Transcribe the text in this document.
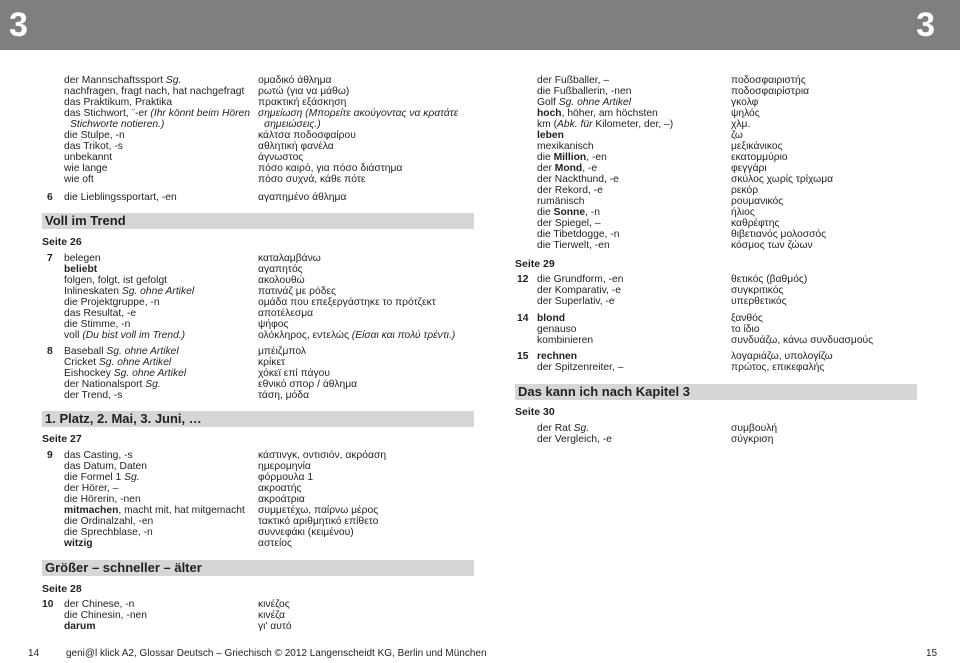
3	3
der Mannschaftssport Sg.	ομαδικό άθλημα
nachfragen, fragt nach, hat nachgefragt ρωτώ (για να μάθω)
das Praktikum, Praktika	πρακτική εξάσκηση
das Stichwort, ¨-er (Ihr könnt beim Hören σημείωση (Μπορείτε ακούγοντας να κρατάτε
Stichworte notieren.)	σημειώσεις.)
die Stulpe, -n	κάλτσα ποδοσφαίρου
das Trikot, -s	αθλητική φανέλα
unbekannt	άγνωστος
wie lange	πόσο καιρό, για πόσο διάστημα
wie oft	πόσο συχνά, κάθε πότε
6 die Lieblingssportart, -en	αγαπημένο άθλημα
Voll im Trend
Seite 26
7 belegen	καταλαμβάνω
beliebt	αγαπητός
folgen, folgt, ist gefolgt	ακολουθώ
Inlineskaten Sg. ohne Artikel	πατινάζ με ρόδες
die Projektgruppe, -n	ομάδα που επεξεργάστηκε το πρότζεκτ
das Resultat, -e	αποτέλεσμα
die Stimme, -n	ψήφος
voll (Du bist voll im Trend.)	ολόκληρος, εντελώς (Είσαι και πολύ τρέντι.)
8 Baseball Sg. ohne Artikel	μπέιζμπολ
Cricket Sg. ohne Artikel	κρίκετ
Eishockey Sg. ohne Artikel	χόκεϊ επί πάγου
der Nationalsport Sg.	εθνικό σπορ / άθλημα
der Trend, -s	τάση, μόδα
1. Platz, 2. Mai, 3. Juni, …
Seite 27
9 das Casting, -s	κάστινγκ, οντισιόν, ακρόαση
das Datum, Daten	ημερομηνία
die Formel 1 Sg.	φόρμουλα 1
der Hörer, –	ακροατής
die Hörerin, -nen	ακροάτρια
mitmachen, macht mit, hat mitgemacht συμμετέχω, παίρνω μέρος
die Ordinalzahl, -en	τακτικό αριθμητικό επίθετο
die Sprechblase, -n	συννεφάκι (κειμένου)
witzig	αστείος
Größer – schneller – älter
Seite 28
10 der Chinese, -n	κινέζος
die Chinesin, -nen	κινέζα
darum	γι' αυτό
der Fußballer, –	ποδοσφαιριστής
die Fußballerin, -nen	ποδοσφαιρίστρια
Golf Sg. ohne Artikel	γκολφ
hoch, höher, am höchsten	ψηλός
km (Abk. für Kilometer, der, –)	χλμ.
leben	ζω
mexikanisch	μεξικάνικος
die Million, -en	εκατομμύριο
der Mond, -e	φεγγάρι
der Nackthund, -e	σκύλος χωρίς τρίχωμα
der Rekord, -e	ρεκόρ
rumänisch	ρουμανικός
die Sonne, -n	ήλιος
der Spiegel, –	καθρέφτης
die Tibetdogge, -n	θιβετιανός μολοσσός
die Tierwelt, -en	κόσμος των ζώων
Seite 29
12 die Grundform, -en	θετικός (βαθμός)
der Komparativ, -e	συγκριτικός
der Superlativ, -e	υπερθετικός
14 blond	ξανθός
genauso	το ίδιο
kombinieren	συνδυάζω, κάνω συνδυασμούς
15 rechnen	λογαριάζω, υπολογίζω
der Spitzenreiter, –	πρώτος, επικεφαλής
Das kann ich nach Kapitel 3
Seite 30
der Rat Sg.	συμβουλή
der Vergleich, -e	σύγκριση
14	geni@l klick A2, Glossar Deutsch – Griechisch © 2012 Langenscheidt KG, Berlin und München	15
